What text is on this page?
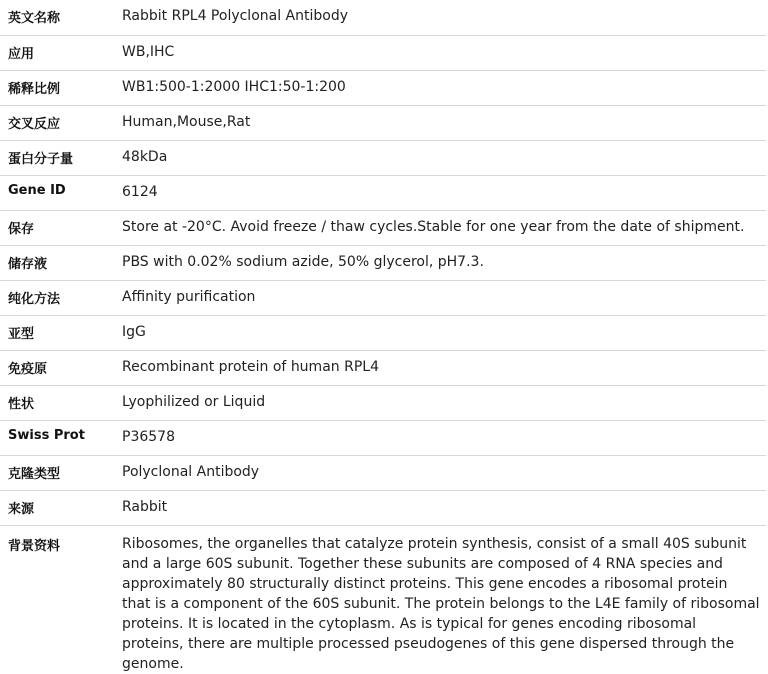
英文名称	Rabbit RPL4 Polyclonal Antibody
应用	WB,IHC
稀释比例	WB1:500-1:2000 IHC1:50-1:200
交叉反应	Human,Mouse,Rat
蛋白分子量	48kDa
Gene ID	6124
保存	Store at -20°C. Avoid freeze / thaw cycles.Stable for one year from the date of shipment.
储存液	PBS with 0.02% sodium azide, 50% glycerol, pH7.3.
纯化方法	Affinity purification
亚型	IgG
免疫原	Recombinant protein of human RPL4
性状	Lyophilized or Liquid
Swiss Prot	P36578
克隆类型	Polyclonal Antibody
来源	Rabbit
背景资料	Ribosomes, the organelles that catalyze protein synthesis, consist of a small 40S subunit and a large 60S subunit. Together these subunits are composed of 4 RNA species and approximately 80 structurally distinct proteins. This gene encodes a ribosomal protein that is a component of the 60S subunit. The protein belongs to the L4E family of ribosomal proteins. It is located in the cytoplasm. As is typical for genes encoding ribosomal proteins, there are multiple processed pseudogenes of this gene dispersed through the genome.
